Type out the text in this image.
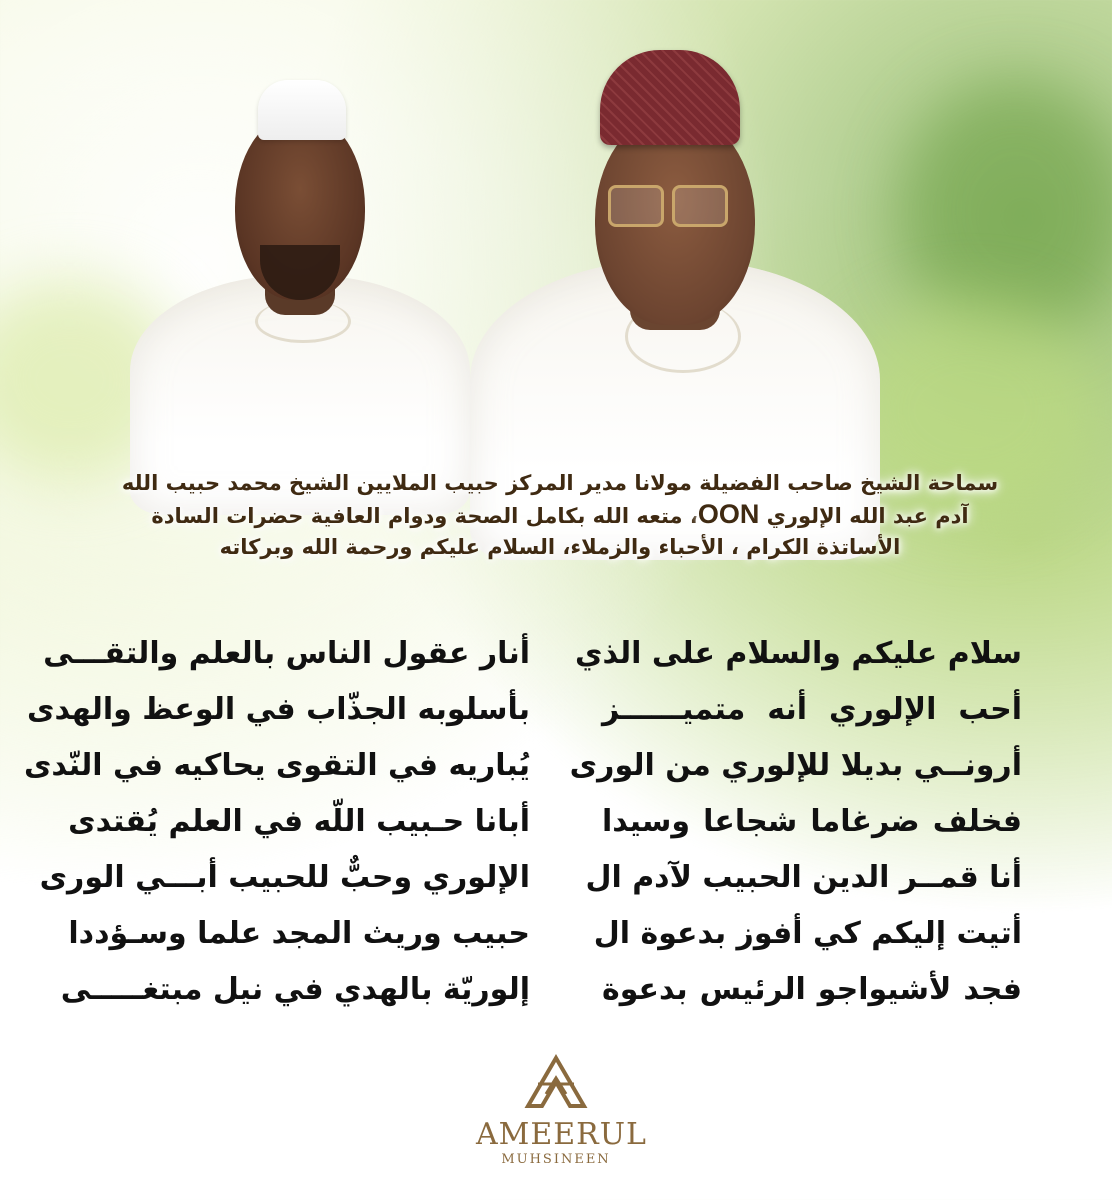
سماحة الشيخ صاحب الفضيلة مولانا مدير المركز حبيب الملايين الشيخ محمد حبيب الله
آدم عبد الله الإلوري OON، متعه الله بكامل الصحة ودوام العافية حضرات السادة
الأساتذة الكرام ، الأحباء والزملاء، السلام عليكم ورحمة الله وبركاته
سلام عليكم والسلام على الذي
أحب الإلوري أنه متميــــــز
أرونــي بديلا للإلوري من الورى
فخلف ضرغاما شجاعا وسيدا
أنا قمــر الدين الحبيب لآدم ال
أتيت إليكم كي أفوز بدعوة ال
فجد لأشيواجو الرئيس بدعوة
أنار عقول الناس بالعلم والتقـــى
بأسلوبه الجذّاب في الوعظ والهدى
يُباريه في التقوى يحاكيه في النّدى
أبانا حـبيب اللّه في العلم يُقتدى
الإلوري وحبٌّ للحبيب أبـــي الورى
حبيب وريث المجد علما وسـؤددا
إلوريّة بالهدي في نيل مبتغـــــى
AMEERUL
MUHSINEEN
